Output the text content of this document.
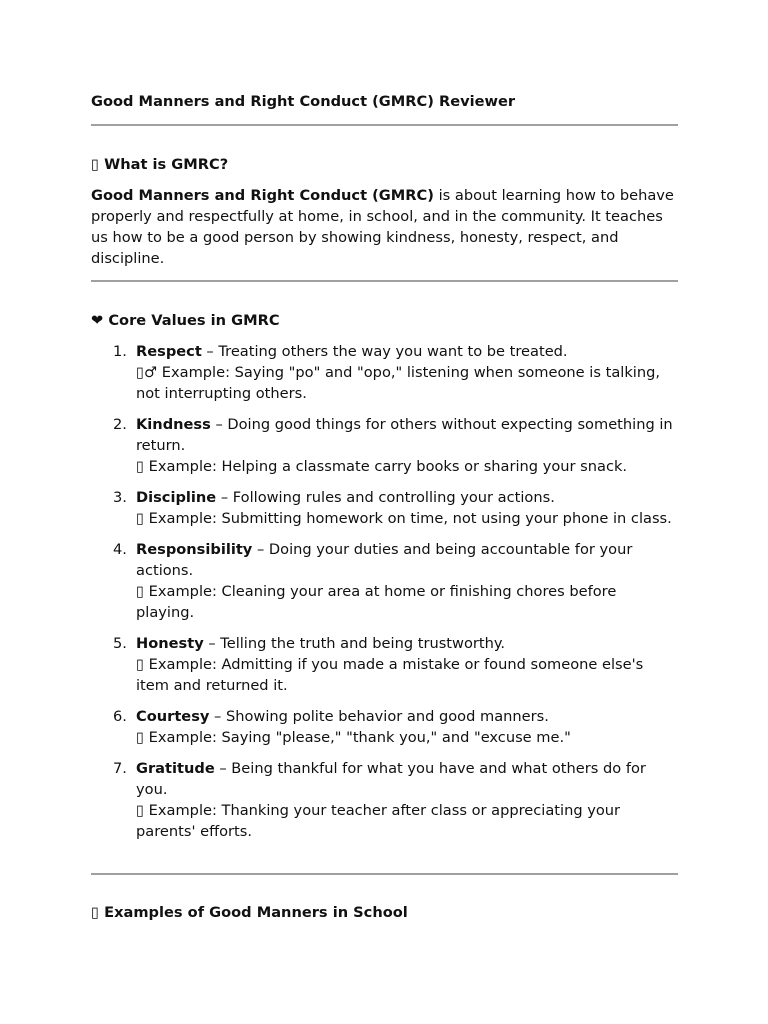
Good Manners and Right Conduct (GMRC) Reviewer
▯ What is GMRC?

Good Manners and Right Conduct (GMRC) is about learning how to behave properly and respectfully at home, in school, and in the community. It teaches us how to be a good person by showing kindness, honesty, respect, and discipline.

❤ Core Values in GMRC
1. Respect – Treating others the way you want to be treated.
▯♂ Example: Saying "po" and "opo," listening when someone is talking, not interrupting others.
2. Kindness – Doing good things for others without expecting something in return.
▯ Example: Helping a classmate carry books or sharing your snack.
3. Discipline – Following rules and controlling your actions.
▯ Example: Submitting homework on time, not using your phone in class.
4. Responsibility – Doing your duties and being accountable for your actions.
▯ Example: Cleaning your area at home or finishing chores before playing.
5. Honesty – Telling the truth and being trustworthy.
▯ Example: Admitting if you made a mistake or found someone else's item and returned it.
6. Courtesy – Showing polite behavior and good manners.
▯ Example: Saying "please," "thank you," and "excuse me."
7. Gratitude – Being thankful for what you have and what others do for you.
▯ Example: Thanking your teacher after class or appreciating your parents' efforts.
▯ Examples of Good Manners in School
